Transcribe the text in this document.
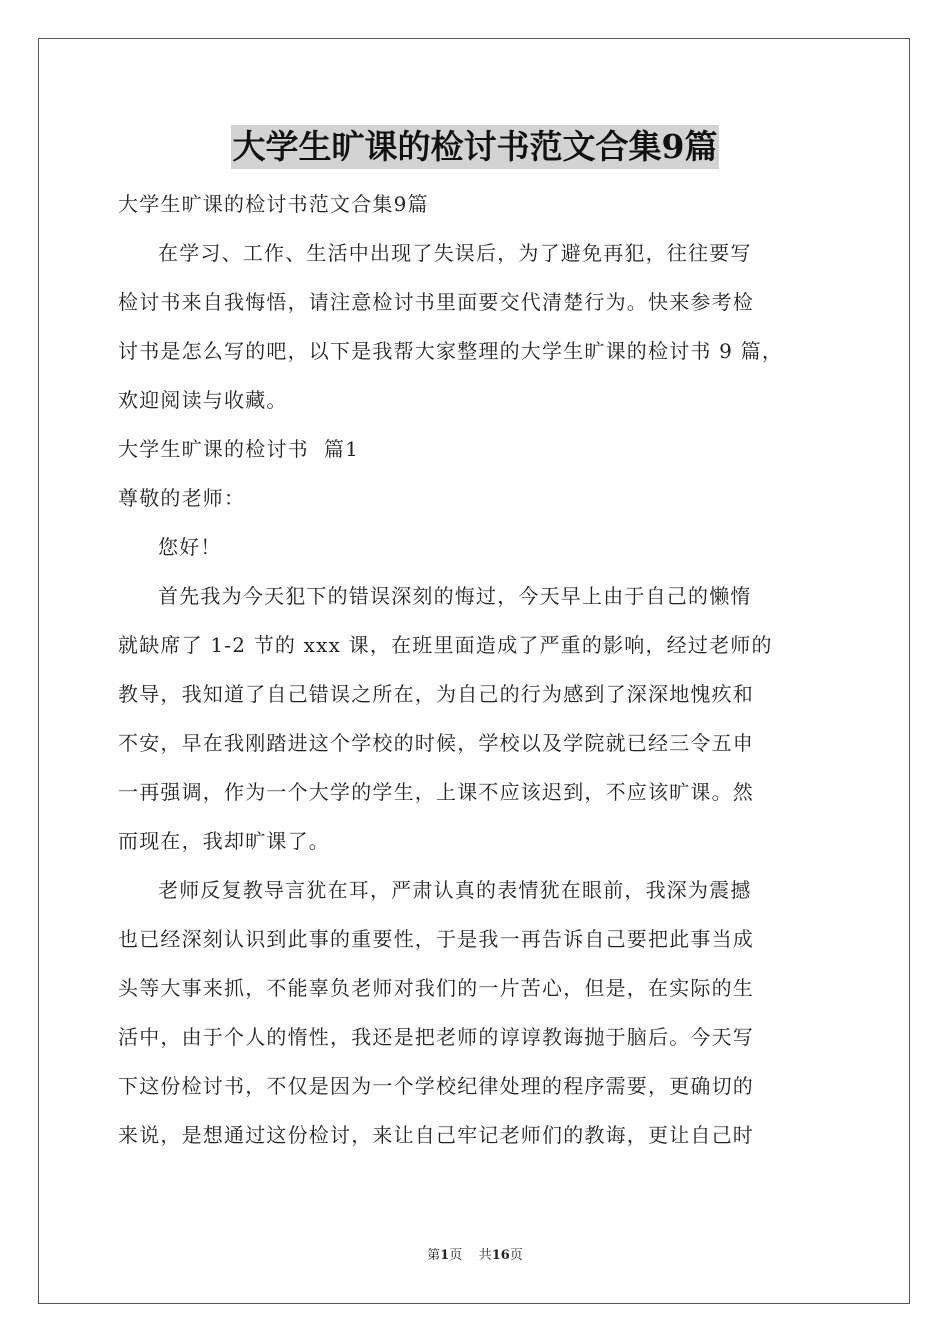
大学生旷课的检讨书范文合集9篇

大学生旷课的检讨书范文合集9篇

在学习、工作、生活中出现了失误后，为了避免再犯，往往要写
检讨书来自我悔悟，请注意检讨书里面要交代清楚行为。快来参考检
讨书是怎么写的吧，以下是我帮大家整理的大学生旷课的检讨书 9 篇，
欢迎阅读与收藏。

大学生旷课的检讨书  篇1

尊敬的老师：

您好！

首先我为今天犯下的错误深刻的悔过，今天早上由于自己的懒惰
就缺席了 1-2 节的 xxx 课，在班里面造成了严重的影响，经过老师的
教导，我知道了自己错误之所在，为自己的行为感到了深深地愧疚和
不安，早在我刚踏进这个学校的时候，学校以及学院就已经三令五申
一再强调，作为一个大学的学生，上课不应该迟到，不应该旷课。然
而现在，我却旷课了。
老师反复教导言犹在耳，严肃认真的表情犹在眼前，我深为震撼
也已经深刻认识到此事的重要性，于是我一再告诉自己要把此事当成
头等大事来抓，不能辜负老师对我们的一片苦心，但是，在实际的生
活中，由于个人的惰性，我还是把老师的谆谆教诲抛于脑后。今天写
下这份检讨书，不仅是因为一个学校纪律处理的程序需要，更确切的
来说，是想通过这份检讨，来让自己牢记老师们的教诲，更让自己时
第1页    共16页
